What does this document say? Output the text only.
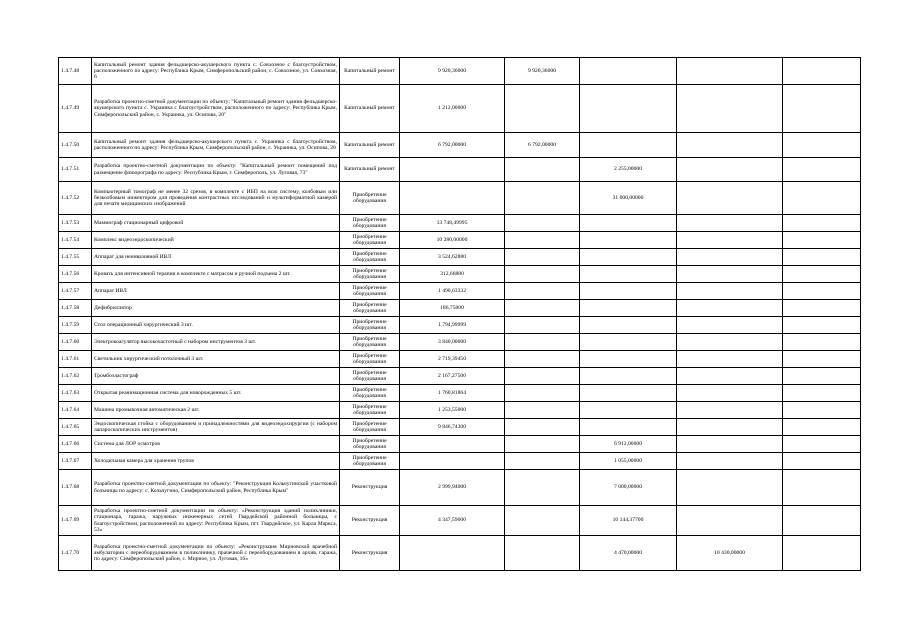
1.4.7.48	Капитальный ремонт здания фельдшерско-акушерского пункта с. Совхозное с благоустройством, расположенного по адресу: Республика Крым, Симферопольский район, с. Совхозное, ул. Совхозная, 6	Капитальный ремонт	9 920,36000	9 920,36000			
1.4.7.49	Разработка проектно-сметной документации по объекту: "Капитальный ремонт здания фельдшерско-акушерского пункта с. Украинка с благоустройством, расположенного по адресу: Республика Крым, Симферопольский район, с. Украинка, ул. Осипова, 20"	Капитальный ремонт	1 212,00000				
1.4.7.50	Капитальный ремонт здания фельдшерско-акушерского пункта с. Украинка с благоустройством, расположенного по адресу: Республика Крым, Симферопольский район, с. Украинка, ул. Осипова, 20	Капитальный ремонт	6 792,00000	6 792,00000			
1.4.7.51	Разработка проектно-сметной документации по объекту: "Капитальный ремонт помещений под размещение флюорографа по адресу: Республика Крым, г. Симферополь, ул. Луговая, 73"	Капитальный ремонт			2 255,00000		
1.4.7.52	Компьютерный томограф не менее 32 срезов, в комплекте с ИБП на всю систему, колбовым или безколбовым инжектором для проведения контрастных исследований и мультиформатной камерой для печати медицинских изображений	Приобретение оборудования			31 000,00000		
1.4.7.53	Маммограф стационарный цифровой	Приобретение оборудования	13 748,49995				
1.4.7.54	Комплекс видеоэндоскопический	Приобретение оборудования	10 280,00000				
1.4.7.55	Аппарат для неинвазивной ИВЛ	Приобретение оборудования	3 524,62880				
1.4.7.56	Кровать для интенсивной терапии в комплекте с матрасом и ручной подъема 2 шт.	Приобретение оборудования	312,66880				
1.4.7.57	Аппарат ИВЛ	Приобретение оборудования	1 490,63332				
1.4.7.58	Дефибриллятор	Приобретение оборудования	186,75000				
1.4.7.59	Стол операционный хирургический 3 шт.	Приобретение оборудования	1 794,99999				
1.4.7.60	Электрокоагулятор высокочастотный с набором инструментов 3 шт.	Приобретение оборудования	3 840,00000				
1.4.7.61	Светильник хирургический потолочный 3 шт.	Приобретение оборудования	2 719,39450				
1.4.7.62	Тромбоэластограф	Приобретение оборудования	2 167,27500				
1.4.7.63	Открытая реанимационная система для новорожденных 5 шт.	Приобретение оборудования	1 760,81864				
1.4.7.64	Машина промывочная автоматическая 2 шт.	Приобретение оборудования	1 253,55000				
1.4.7.65	Эндоскопическая стойка с оборудованием и принадлежностями для видеоэндохирургии (с набором лапароскопических инструментов)	Приобретение оборудования	9 846,74300				
1.4.7.66	Система для ЛОР осмотров	Приобретение оборудования			6 912,00000		
1.4.7.67	Холодильная камера для хранения трупов	Приобретение оборудования			1 055,00000		
1.4.7.68	Разработка проектно-сметной документации по объекту: "Реконструкция Кольчугинской участковой больницы по адресу: с. Кольчугино, Симферопольский район, Республика Крым"	Реконструкция	2 999,94000		7 000,00000		
1.4.7.69	Разработка проектно-сметной документации по объекту: «Реконструкция зданий поликлиники, стационара, гаража, наружных инженерных сетей Гвардейской районной больницы, с благоустройством, расположенной по адресу: Республика Крым, пгт. Гвардейское, ул. Карла Маркса, 53»	Реконструкция	4 347,59000		10 144,37700		
1.4.7.70	Разработка проектно-сметной документации по объекту: «Реконструкция Мирновской врачебной амбулатории с переоборудованием в поликлинику, прачечной с переоборудованием в архив, гаража, по адресу: Симферопольский район, с. Мирное, ул. Луговая, 16»	Реконструкция			4 470,00000	10 430,00000	
